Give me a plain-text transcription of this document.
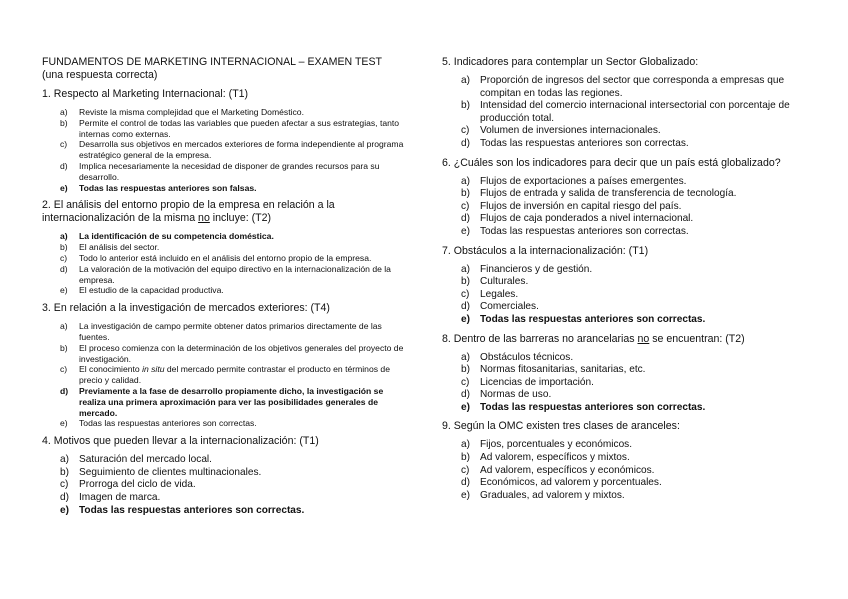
FUNDAMENTOS DE MARKETING INTERNACIONAL – EXAMEN TEST (una respuesta correcta)

1. Respecto al Marketing Internacional: (T1)

a)	Reviste la misma complejidad que el Marketing Doméstico.
b)	Permite el control de todas las variables que pueden afectar a sus estrategias, tanto internas como externas.
c)	Desarrolla sus objetivos en mercados exteriores de forma independiente al programa estratégico general de la empresa.
d)	Implica necesariamente la necesidad de disponer de grandes recursos para su desarrollo.
e)	Todas las respuestas anteriores son falsas.

2. El análisis del entorno propio de la empresa en relación a la internacionalización de la misma no incluye: (T2)

a)	La identificación de su competencia doméstica.
b)	El análisis del sector.
c)	Todo lo anterior está incluido en el análisis del entorno propio de la empresa.
d)	La valoración de la motivación del equipo directivo en la internacionalización de la empresa.
e)	El estudio de la capacidad productiva.

3. En relación a la investigación de mercados exteriores: (T4)

a)	La investigación de campo permite obtener datos primarios directamente de las fuentes.
b)	El proceso comienza con la determinación de los objetivos generales del proyecto de investigación.
c)	El conocimiento in situ del mercado permite contrastar el producto en términos de precio y calidad.
d)	Previamente a la fase de desarrollo propiamente dicho, la investigación se realiza una primera aproximación para ver las posibilidades generales de mercado.
e)	Todas las respuestas anteriores son correctas.

4. Motivos que pueden llevar a la internacionalización: (T1)

a) Saturación del mercado local.
b) Seguimiento de clientes multinacionales.
c)	Prorroga del ciclo de vida.
d) Imagen de marca.
e) Todas las respuestas anteriores son correctas.

5. Indicadores para contemplar un Sector Globalizado:

a) Proporción de ingresos del sector que corresponda a empresas que compitan en todas las regiones.
b) Intensidad del comercio internacional intersectorial con porcentaje de producción total.
c)	Volumen de inversiones internacionales.
d) Todas las respuestas anteriores son correctas.

6. ¿Cuáles son los indicadores para decir que un país está globalizado?

a) Flujos de exportaciones a países emergentes.
b) Flujos de entrada y salida de transferencia de tecnología.
c)	Flujos de inversión en capital riesgo del país.
d) Flujos de caja ponderados a nivel internacional.
e) Todas las respuestas anteriores son correctas.

7. Obstáculos a la internacionalización: (T1)

a) Financieros y de gestión.
b) Culturales.
c)	Legales.
d) Comerciales.
e) Todas las respuestas anteriores son correctas.

8. Dentro de las barreras no arancelarias no se encuentran: (T2)

a) Obstáculos técnicos.
b) Normas fitosanitarias, sanitarias, etc.
c)	Licencias de importación.
d) Normas de uso.
e) Todas las respuestas anteriores son correctas.

9. Según la OMC existen tres clases de aranceles:

a) Fijos, porcentuales y económicos.
b) Ad valorem, específicos y mixtos.
c)	Ad valorem, específicos y económicos.
d) Económicos, ad valorem y porcentuales.
e) Graduales, ad valorem y mixtos.
